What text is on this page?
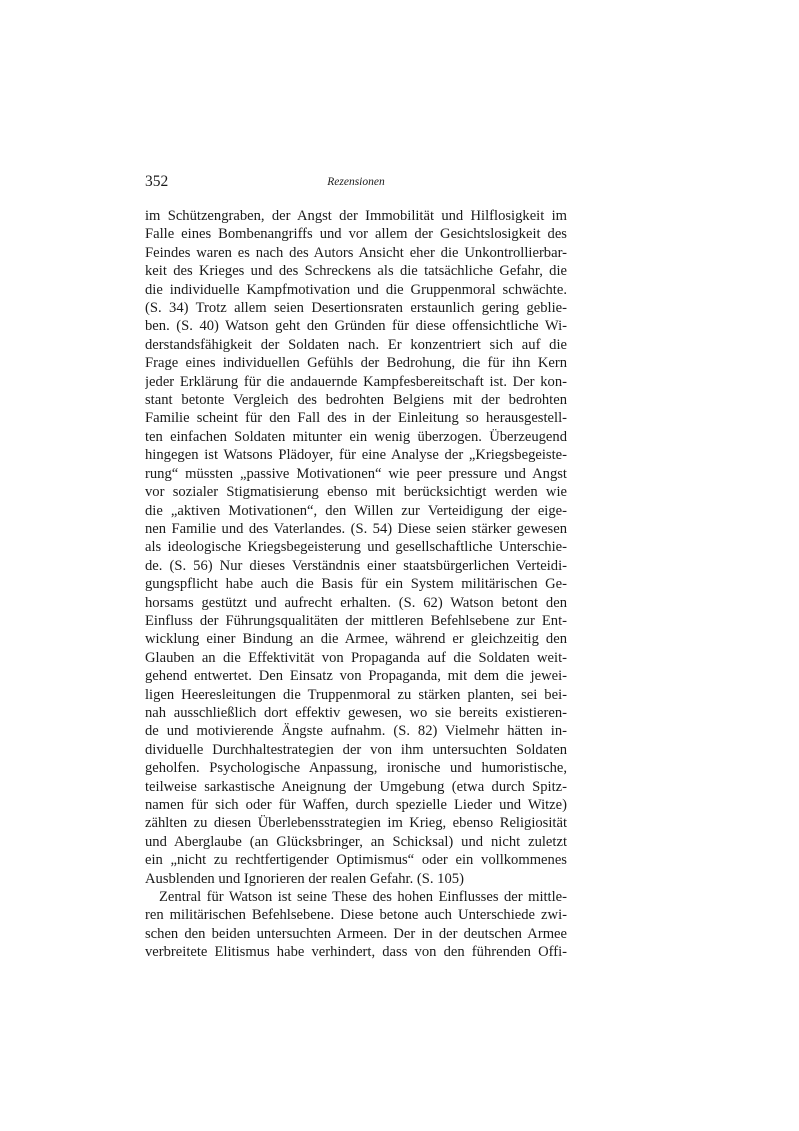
352	Rezensionen
im Schützengraben, der Angst der Immobilität und Hilflosigkeit im
Falle eines Bombenangriffs und vor allem der Gesichtslosigkeit des
Feindes waren es nach des Autors Ansicht eher die Unkontrollierbar-
keit des Krieges und des Schreckens als die tatsächliche Gefahr, die
die individuelle Kampfmotivation und die Gruppenmoral schwächte.
(S. 34) Trotz allem seien Desertionsraten erstaunlich gering geblie-
ben. (S. 40) Watson geht den Gründen für diese offensichtliche Wi-
derstandsfähigkeit der Soldaten nach. Er konzentriert sich auf die
Frage eines individuellen Gefühls der Bedrohung, die für ihn Kern
jeder Erklärung für die andauernde Kampfesbereitschaft ist. Der kon-
stant betonte Vergleich des bedrohten Belgiens mit der bedrohten
Familie scheint für den Fall des in der Einleitung so herausgestell-
ten einfachen Soldaten mitunter ein wenig überzogen. Überzeugend
hingegen ist Watsons Plädoyer, für eine Analyse der „Kriegsbegeiste-
rung“ müssten „passive Motivationen“ wie peer pressure und Angst
vor sozialer Stigmatisierung ebenso mit berücksichtigt werden wie
die „aktiven Motivationen“, den Willen zur Verteidigung der eige-
nen Familie und des Vaterlandes. (S. 54) Diese seien stärker gewesen
als ideologische Kriegsbegeisterung und gesellschaftliche Unterschie-
de. (S. 56) Nur dieses Verständnis einer staatsbürgerlichen Verteidi-
gungspflicht habe auch die Basis für ein System militärischen Ge-
horsams gestützt und aufrecht erhalten. (S. 62) Watson betont den
Einfluss der Führungsqualitäten der mittleren Befehlsebene zur Ent-
wicklung einer Bindung an die Armee, während er gleichzeitig den
Glauben an die Effektivität von Propaganda auf die Soldaten weit-
gehend entwertet. Den Einsatz von Propaganda, mit dem die jewei-
ligen Heeresleitungen die Truppenmoral zu stärken planten, sei bei-
nah ausschließlich dort effektiv gewesen, wo sie bereits existieren-
de und motivierende Ängste aufnahm. (S. 82) Vielmehr hätten in-
dividuelle Durchhaltestrategien der von ihm untersuchten Soldaten
geholfen. Psychologische Anpassung, ironische und humoristische,
teilweise sarkastische Aneignung der Umgebung (etwa durch Spitz-
namen für sich oder für Waffen, durch spezielle Lieder und Witze)
zählten zu diesen Überlebensstrategien im Krieg, ebenso Religiosität
und Aberglaube (an Glücksbringer, an Schicksal) und nicht zuletzt
ein „nicht zu rechtfertigender Optimismus“ oder ein vollkommenes
Ausblenden und Ignorieren der realen Gefahr. (S. 105)
Zentral für Watson ist seine These des hohen Einflusses der mittle-
ren militärischen Befehlsebene. Diese betone auch Unterschiede zwi-
schen den beiden untersuchten Armeen. Der in der deutschen Armee
verbreitete Elitismus habe verhindert, dass von den führenden Offi-
